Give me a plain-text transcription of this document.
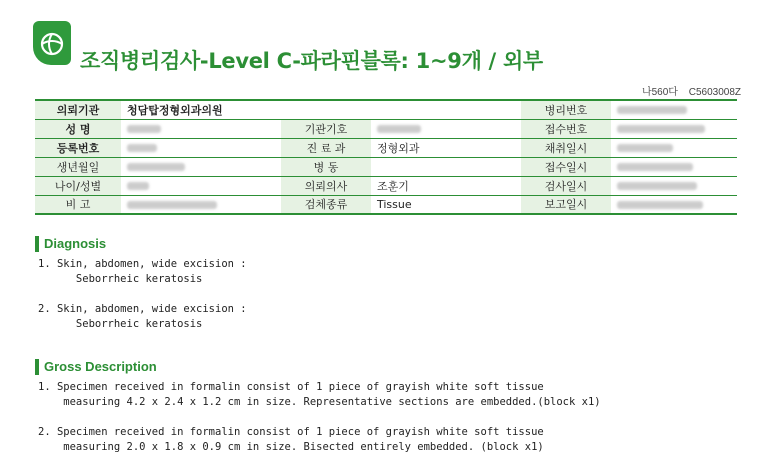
조직병리검사-Level C-파라핀블록: 1~9개 / 외부
나560다 C5603008Z
의뢰기관	청담탑정형외과의원			병리번호	
성 명		기관기호		접수번호	
등록번호		진 료 과	정형외과	채취일시	
생년월일		병 동		접수일시	
나이/성별		의뢰의사	조훈기	검사일시	
비 고		검체종류	Tissue	보고일시	
Diagnosis
1. Skin, abdomen, wide excision :
Seborrheic keratosis

2. Skin, abdomen, wide excision :
Seborrheic keratosis
Gross Description
1. Specimen received in formalin consist of 1 piece of grayish white soft tissue
measuring 4.2 x 2.4 x 1.2 cm in size. Representative sections are embedded.(block x1)

2. Specimen received in formalin consist of 1 piece of grayish white soft tissue
measuring 2.0 x 1.8 x 0.9 cm in size. Bisected entirely embedded. (block x1)
